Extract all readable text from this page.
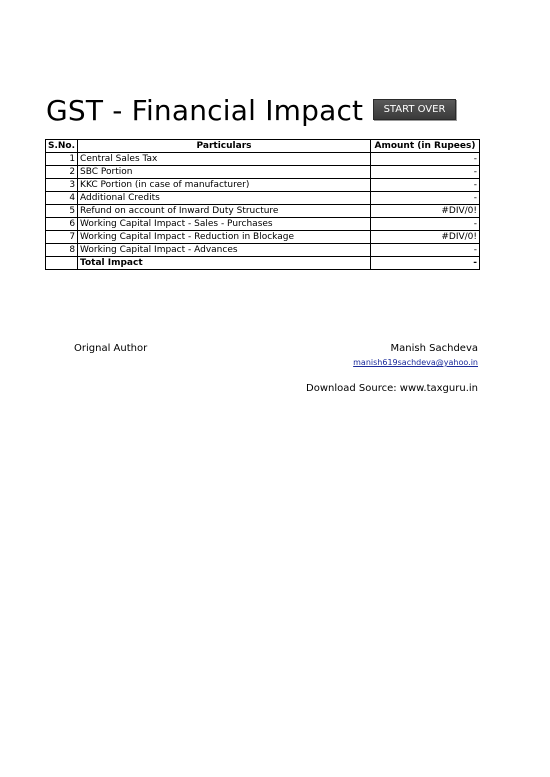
GST - Financial Impact	START OVER
S.No.	Particulars	Amount (in Rupees)
1	Central Sales Tax	-
2	SBC Portion	-
3	KKC Portion (in case of manufacturer)	-
4	Additional Credits	-
5	Refund on account of Inward Duty Structure	#DIV/0!
6	Working Capital Impact - Sales - Purchases	-
7	Working Capital Impact - Reduction in Blockage	#DIV/0!
8	Working Capital Impact - Advances	-
	Total Impact	-
Orignal Author	Manish Sachdeva
manish619sachdeva@yahoo.in
Download Source: www.taxguru.in
